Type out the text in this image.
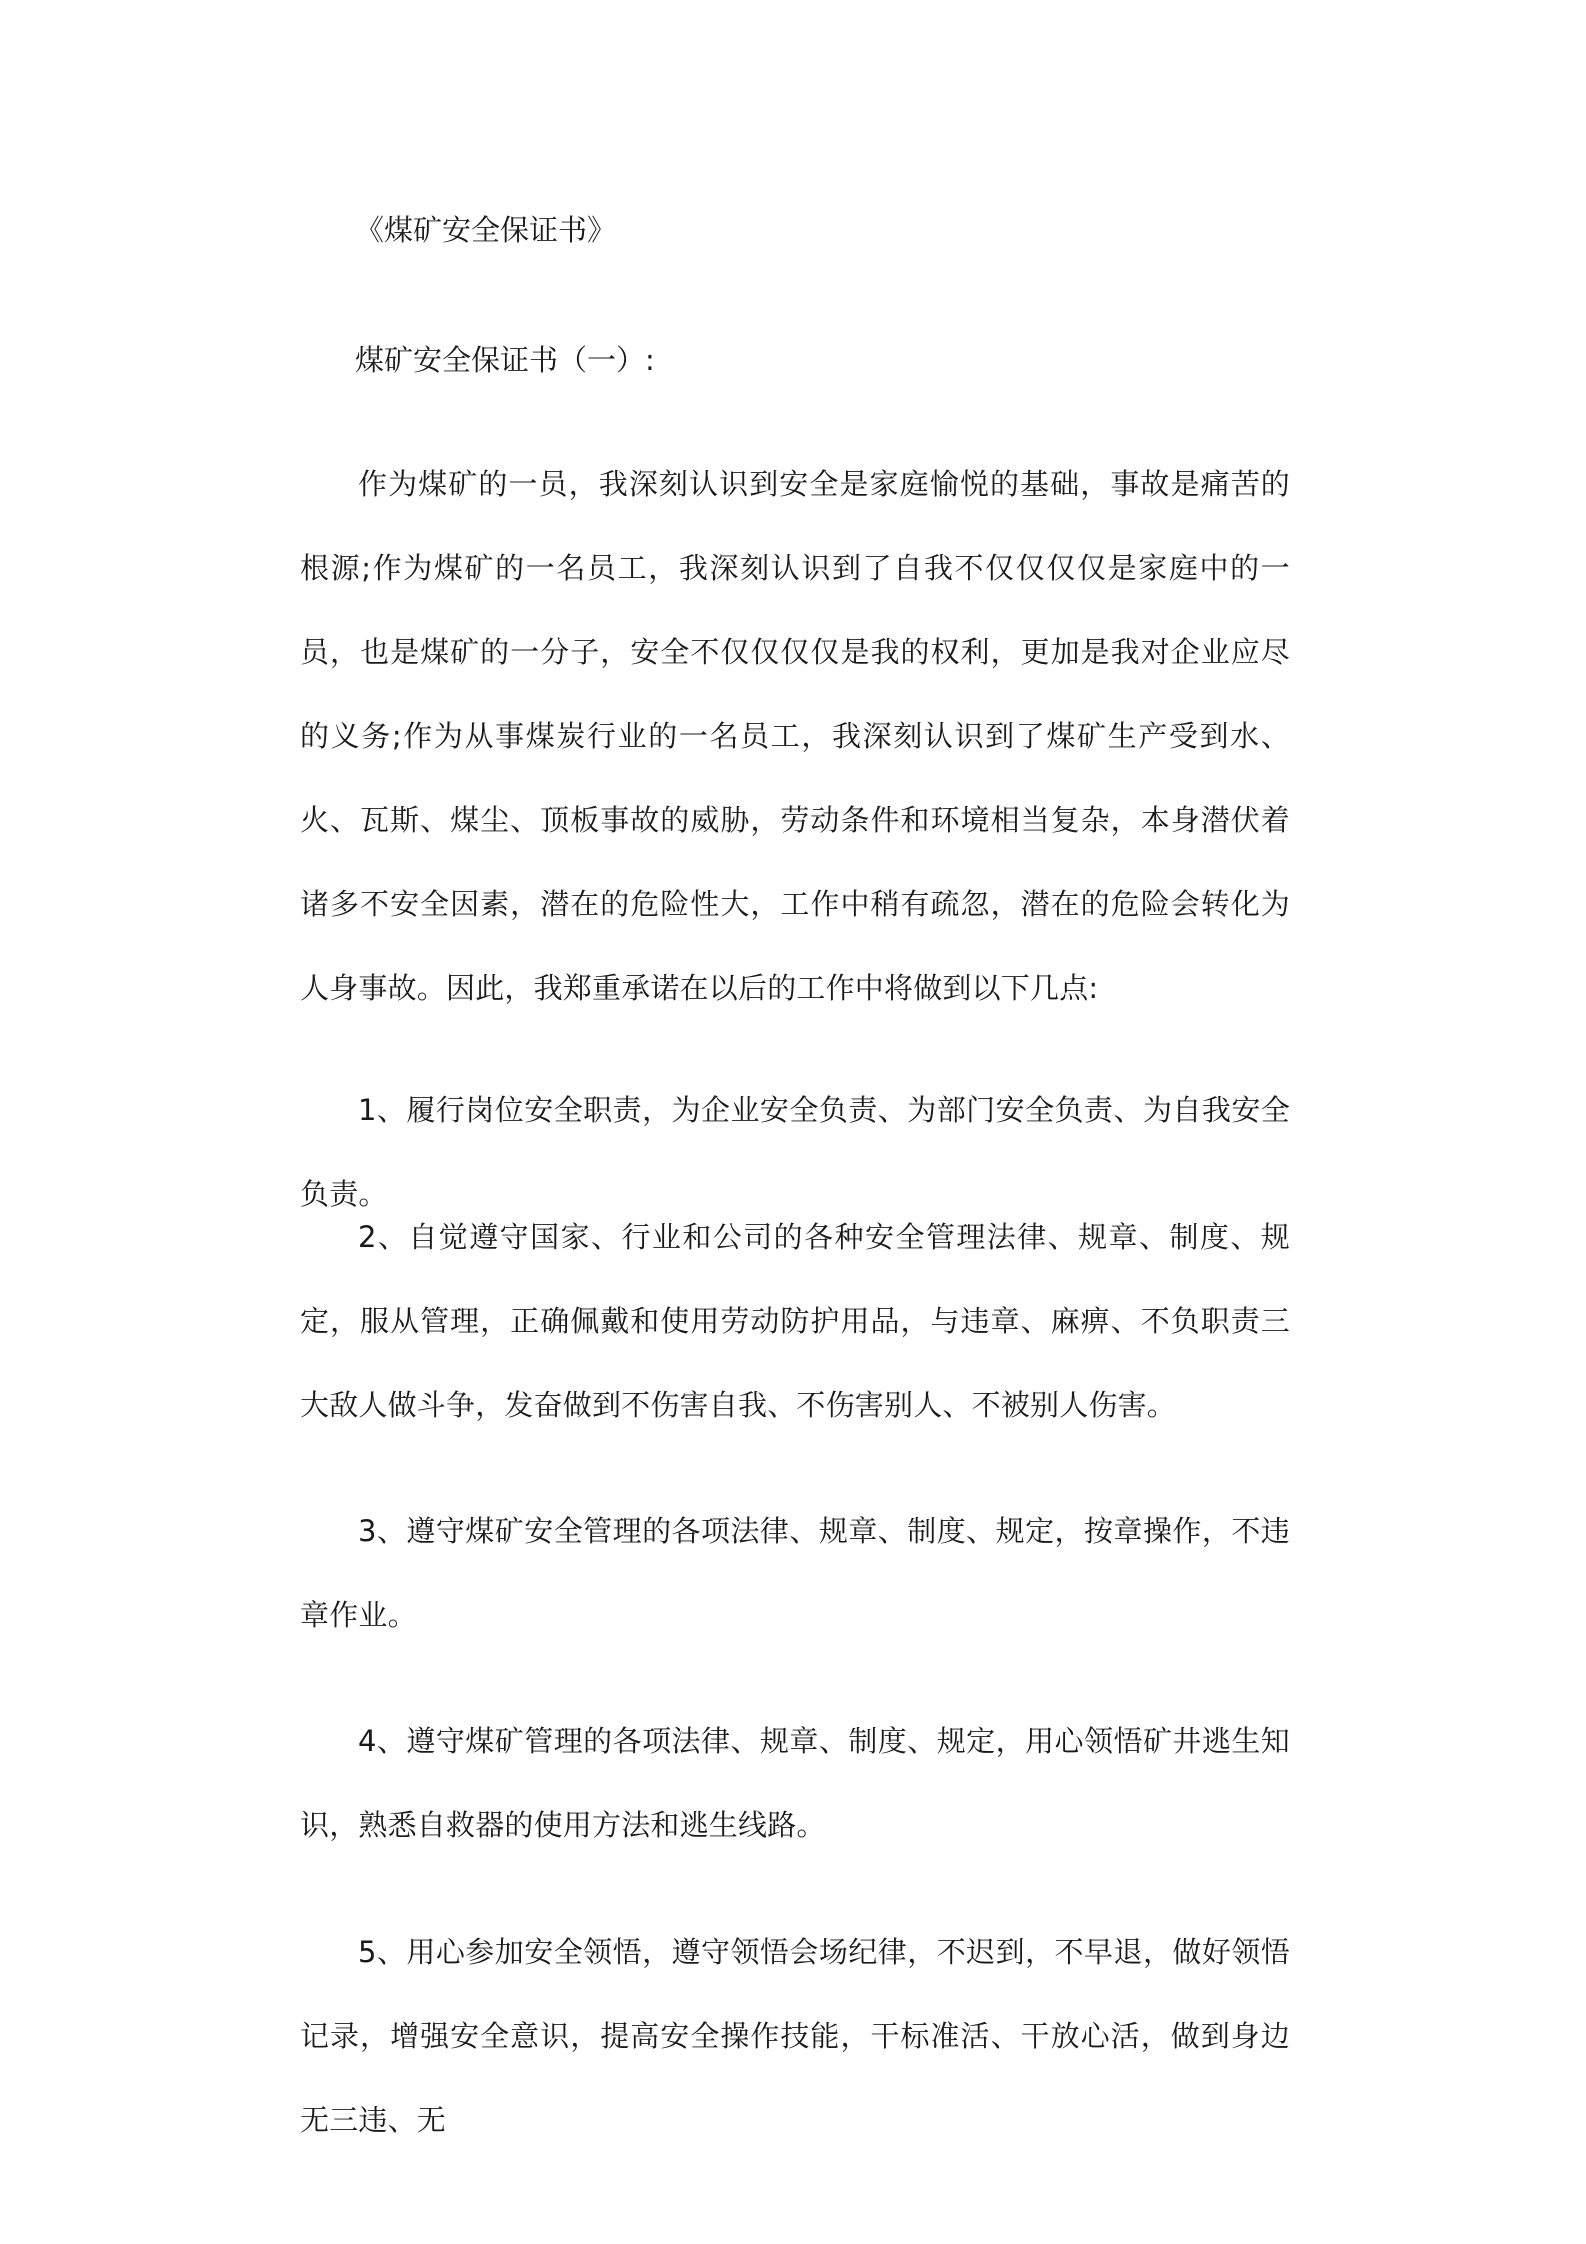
《煤矿安全保证书》
煤矿安全保证书（一）:

作为煤矿的一员，我深刻认识到安全是家庭愉悦的基础，事故是痛苦的根源;作为煤矿的一名员工，我深刻认识到了自我不仅仅仅仅是家庭中的一员，也是煤矿的一分子，安全不仅仅仅仅是我的权利，更加是我对企业应尽的义务;作为从事煤炭行业的一名员工，我深刻认识到了煤矿生产受到水、火、瓦斯、煤尘、顶板事故的威胁，劳动条件和环境相当复杂，本身潜伏着诸多不安全因素，潜在的危险性大，工作中稍有疏忽，潜在的危险会转化为人身事故。因此，我郑重承诺在以后的工作中将做到以下几点:

1、履行岗位安全职责，为企业安全负责、为部门安全负责、为自我安全负责。

2、自觉遵守国家、行业和公司的各种安全管理法律、规章、制度、规定，服从管理，正确佩戴和使用劳动防护用品，与违章、麻痹、不负职责三大敌人做斗争，发奋做到不伤害自我、不伤害别人、不被别人伤害。

3、遵守煤矿安全管理的各项法律、规章、制度、规定，按章操作，不违章作业。

4、遵守煤矿管理的各项法律、规章、制度、规定，用心领悟矿井逃生知识，熟悉自救器的使用方法和逃生线路。

5、用心参加安全领悟，遵守领悟会场纪律，不迟到，不早退，做好领悟记录，增强安全意识，提高安全操作技能，干标准活、干放心活，做到身边无三违、无
